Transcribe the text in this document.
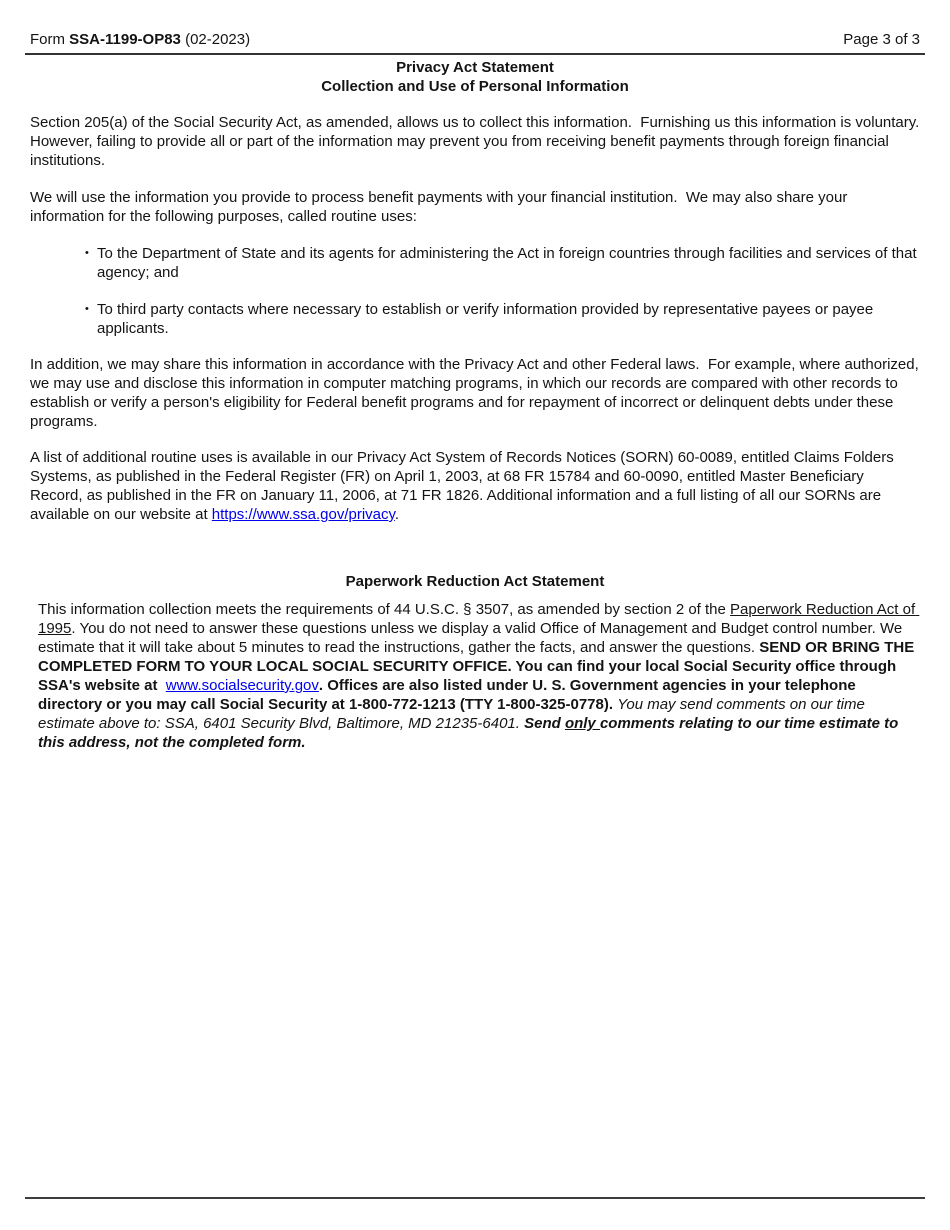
Form SSA-1199-OP83 (02-2023)	Page 3 of 3
Privacy Act Statement
Collection and Use of Personal Information

Section 205(a) of the Social Security Act, as amended, allows us to collect this information.  Furnishing us this information is voluntary.  However, failing to provide all or part of the information may prevent you from receiving benefit payments through foreign financial institutions.

We will use the information you provide to process benefit payments with your financial institution.  We may also share your information for the following purposes, called routine uses:

• To the Department of State and its agents for administering the Act in foreign countries through facilities and services of that agency; and
• To third party contacts where necessary to establish or verify information provided by representative payees or payee applicants.

In addition, we may share this information in accordance with the Privacy Act and other Federal laws.  For example, where authorized, we may use and disclose this information in computer matching programs, in which our records are compared with other records to establish or verify a person's eligibility for Federal benefit programs and for repayment of incorrect or delinquent debts under these programs.

A list of additional routine uses is available in our Privacy Act System of Records Notices (SORN) 60-0089, entitled Claims Folders Systems, as published in the Federal Register (FR) on April 1, 2003, at 68 FR 15784 and 60-0090, entitled Master Beneficiary Record, as published in the FR on January 11, 2006, at 71 FR 1826. Additional information and a full listing of all our SORNs are available on our website at https://www.ssa.gov/privacy.

Paperwork Reduction Act Statement

This information collection meets the requirements of 44 U.S.C. § 3507, as amended by section 2 of the Paperwork Reduction Act of 1995. You do not need to answer these questions unless we display a valid Office of Management and Budget control number. We estimate that it will take about 5 minutes to read the instructions, gather the facts, and answer the questions. SEND OR BRING THE COMPLETED FORM TO YOUR LOCAL SOCIAL SECURITY OFFICE. You can find your local Social Security office through SSA's website at  www.socialsecurity.gov. Offices are also listed under U. S. Government agencies in your telephone directory or you may call Social Security at 1-800-772-1213 (TTY 1-800-325-0778). You may send comments on our time estimate above to: SSA, 6401 Security Blvd, Baltimore, MD 21235-6401. Send only comments relating to our time estimate to this address, not the completed form.
